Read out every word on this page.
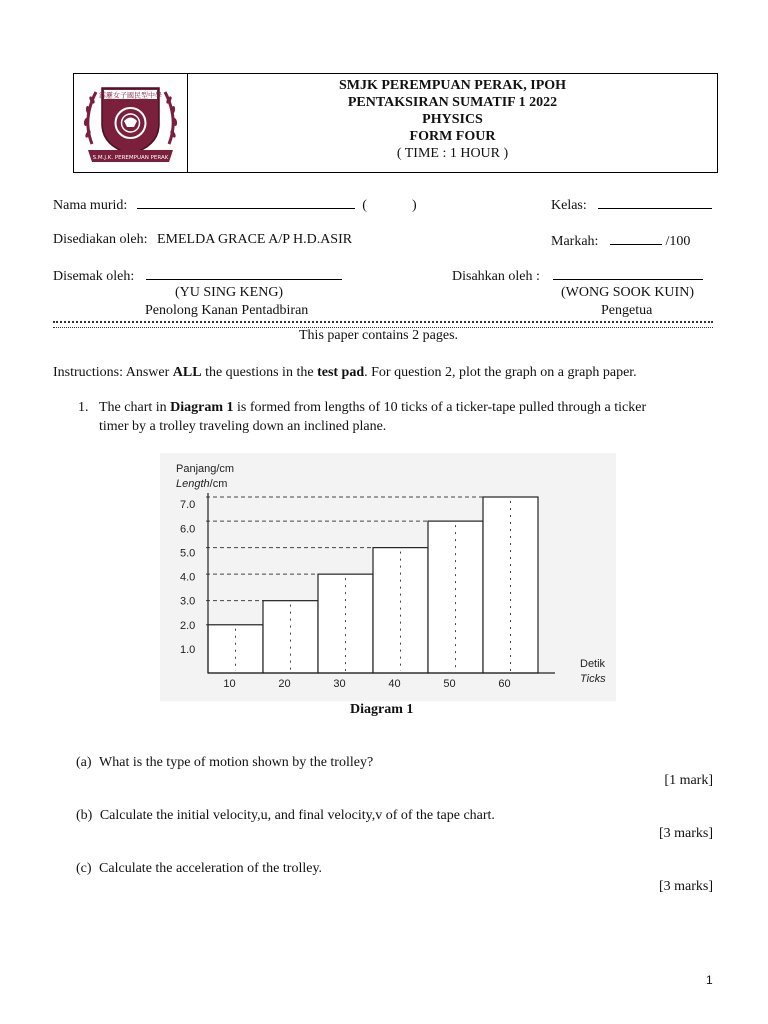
霹靂女子國民型中學
S.M.J.K. PEREMPUAN PERAK
SMJK PEREMPUAN PERAK, IPOH
PENTAKSIRAN SUMATIF 1 2022
PHYSICS
FORM FOUR
( TIME : 1 HOUR )
Nama murid:	(	)	Kelas:
Disediakan oleh: EMELDA GRACE A/P H.D.ASIR	Markah:	/100
Disemak oleh:
(YU SING KENG)
Penolong Kanan Pentadbiran
Disahkan oleh :
(WONG SOOK KUIN)
Pengetua
This paper contains 2 pages.
Instructions: Answer ALL the questions in the test pad. For question 2, plot the graph on a graph paper.
1. The chart in Diagram 1 is formed from lengths of 10 ticks of a ticker-tape pulled through a ticker
timer by a trolley traveling down an inclined plane.
Panjang/cm
Length/cm
Detik
Ticks
1.0
2.0
3.0
4.0
5.0
6.0
7.0
10	20	30	40	50	60
Diagram 1
(a) What is the type of motion shown by the trolley?
[1 mark]
(b) Calculate the initial velocity,u, and final velocity,v of of the tape chart.
[3 marks]
(c) Calculate the acceleration of the trolley.
[3 marks]
1
